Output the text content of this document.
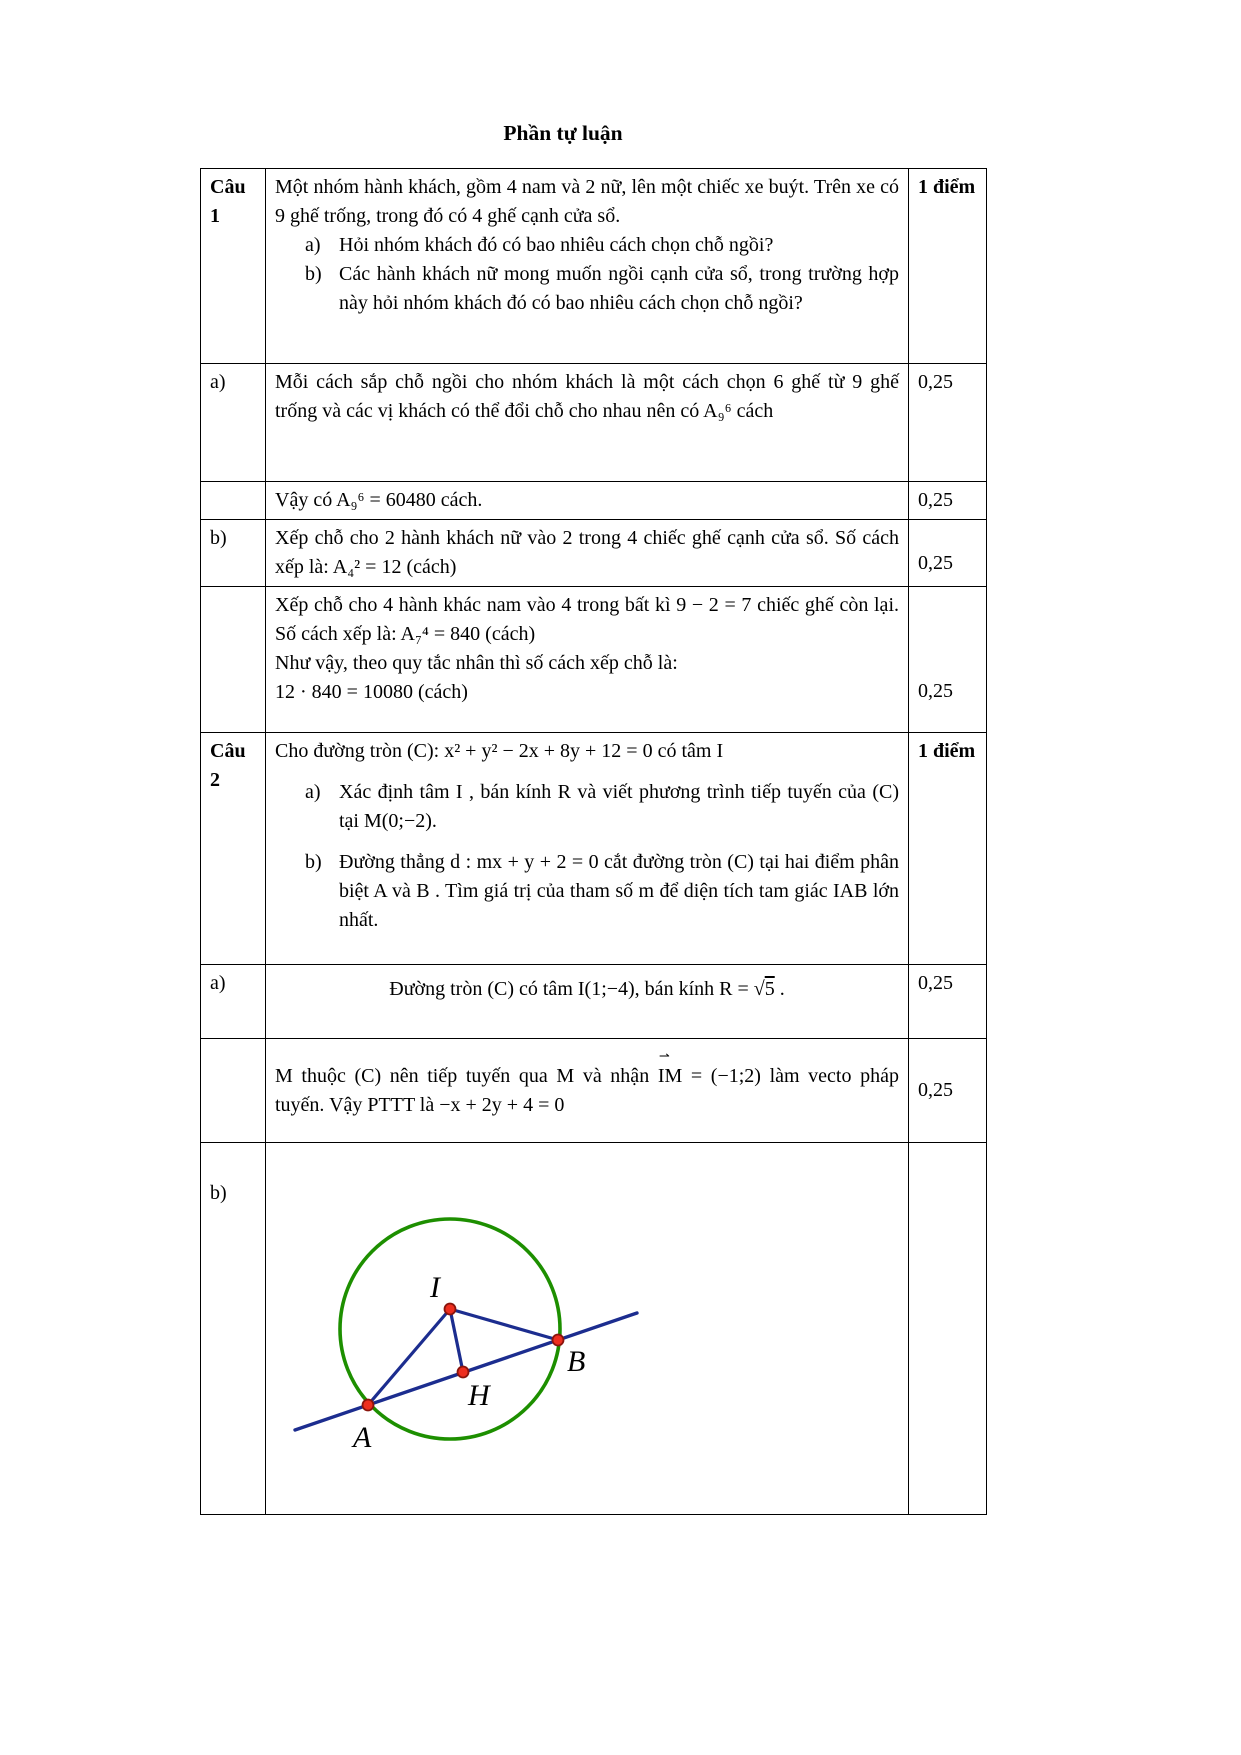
Phần tự luận
Câu 1	Một nhóm hành khách, gồm 4 nam và 2 nữ, lên một chiếc xe buýt. Trên xe có 9 ghế trống, trong đó có 4 ghế cạnh cửa sổ.
a) Hỏi nhóm khách đó có bao nhiêu cách chọn chỗ ngồi?
b) Các hành khách nữ mong muốn ngồi cạnh cửa sổ, trong trường hợp này hỏi nhóm khách đó có bao nhiêu cách chọn chỗ ngồi?	1 điểm
a)	Mỗi cách sắp chỗ ngồi cho nhóm khách là một cách chọn 6 ghế từ 9 ghế trống và các vị khách có thể đổi chỗ cho nhau nên có A₉⁶ cách	0,25

	Vậy có A₉⁶ = 60480 cách.	0,25
b)	Xếp chỗ cho 2 hành khách nữ vào 2 trong 4 chiếc ghế cạnh cửa sổ. Số cách xếp là: A₄² = 12 (cách)	0,25

	Xếp chỗ cho 4 hành khác nam vào 4 trong bất kì 9 − 2 = 7 chiếc ghế còn lại. Số cách xếp là: A₇⁴ = 840 (cách)
Như vậy, theo quy tắc nhân thì số cách xếp chỗ là:
12 · 840 = 10080 (cách)	0,25
Câu 2	Cho đường tròn (C): x² + y² − 2x + 8y + 12 = 0 có tâm I
a) Xác định tâm I , bán kính R và viết phương trình tiếp tuyến của (C) tại M(0;−2).
b) Đường thẳng d : mx + y + 2 = 0 cắt đường tròn (C) tại hai điểm phân biệt A và B . Tìm giá trị của tham số m để diện tích tam giác IAB lớn nhất.	1 điểm
a)	Đường tròn (C) có tâm I(1;−4), bán kính R = √5 .	0,25

	M thuộc (C) nên tiếp tuyến qua M và nhận
⇀
IM = (−1;2) làm vecto pháp tuyến. Vậy PTTT là −x + 2y + 4 = 0	0,25
b)	I
A
H
B	
